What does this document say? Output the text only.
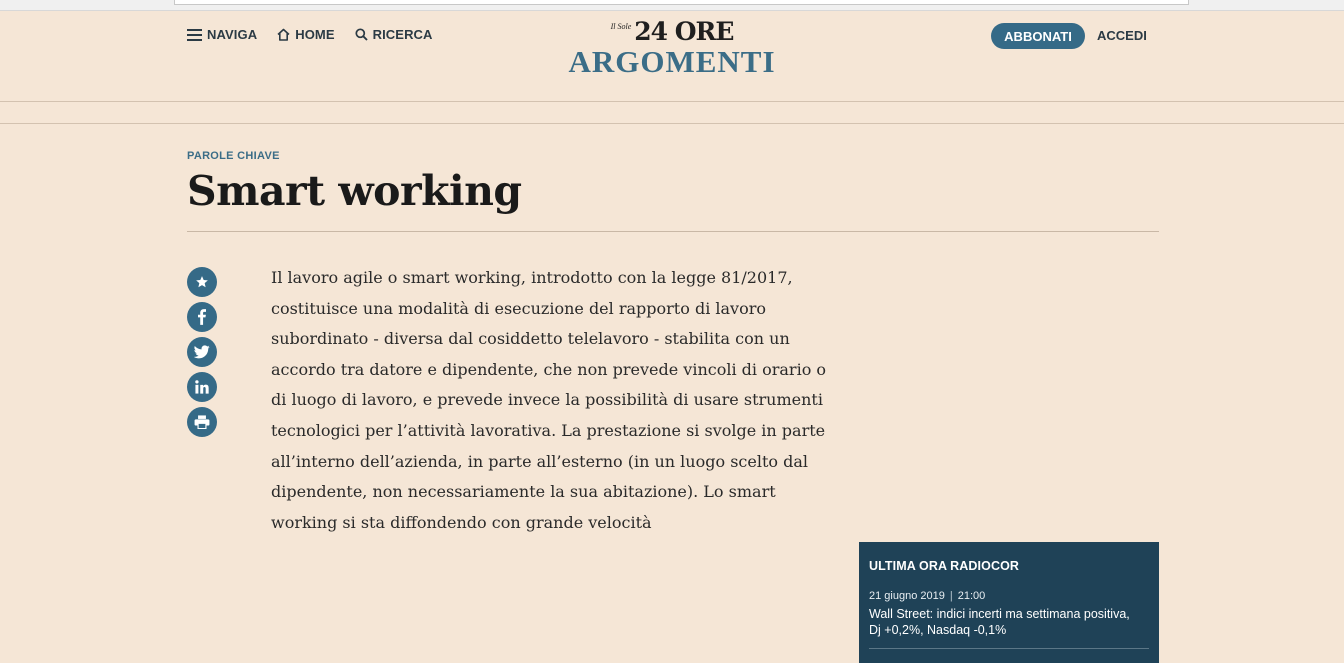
NAVIGA	HOME	RICERCA
Il Sole 24 ORE
ARGOMENTI
ABBONATI	ACCEDI
PAROLE CHIAVE
Smart working

Il lavoro agile o smart working, introdotto con la legge 81/2017, costituisce una modalità di esecuzione del rapporto di lavoro subordinato - diversa dal cosiddetto telelavoro - stabilita con un accordo tra datore e dipendente, che non prevede vincoli di orario o di luogo di lavoro, e prevede invece la possibilità di usare strumenti tecnologici per l’attività lavorativa. La prestazione si svolge in parte all’interno dell’azienda, in parte all’esterno (in un luogo scelto dal dipendente, non necessariamente la sua abitazione). Lo smart working si sta diffondendo con grande velocità

ULTIMA ORA RADIOCOR
21 giugno 2019 | 21:00
Wall Street: indici incerti ma settimana positiva, Dj +0,2%, Nasdaq -0,1%
